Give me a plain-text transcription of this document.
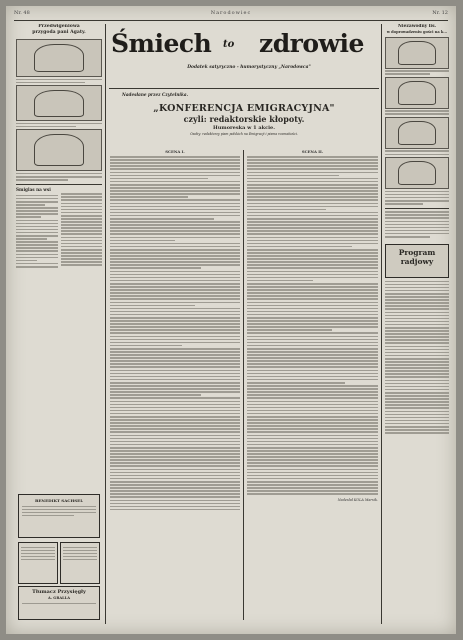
Nr. 48	Narodowiec	Nr. 12
Przedwigeniowa
przygoda pani Agaty.
Smiglas na wsi
BENEDIKT SACHSEL
Tłumacz Przysięgły
A. GRALLA
Śmiech to zdrowie
Dodatek satyryczno - humorystyczny „Narodowca"
Nadesłane przez Czytelnika.
„KONFERENCJA EMIGRACYJNA"
czyli: redaktorskie kłopoty.
Humoreska w 1 akcie.
Osoby: redaktorzy pism polskich na Emigracji i pisma rozmaitości.
SCENA I.	SCENA II.
Nadesłał KOLA Marsik.
Niezawodny lis.
w doprowadzeniu gości na k...
Program
radjowy
